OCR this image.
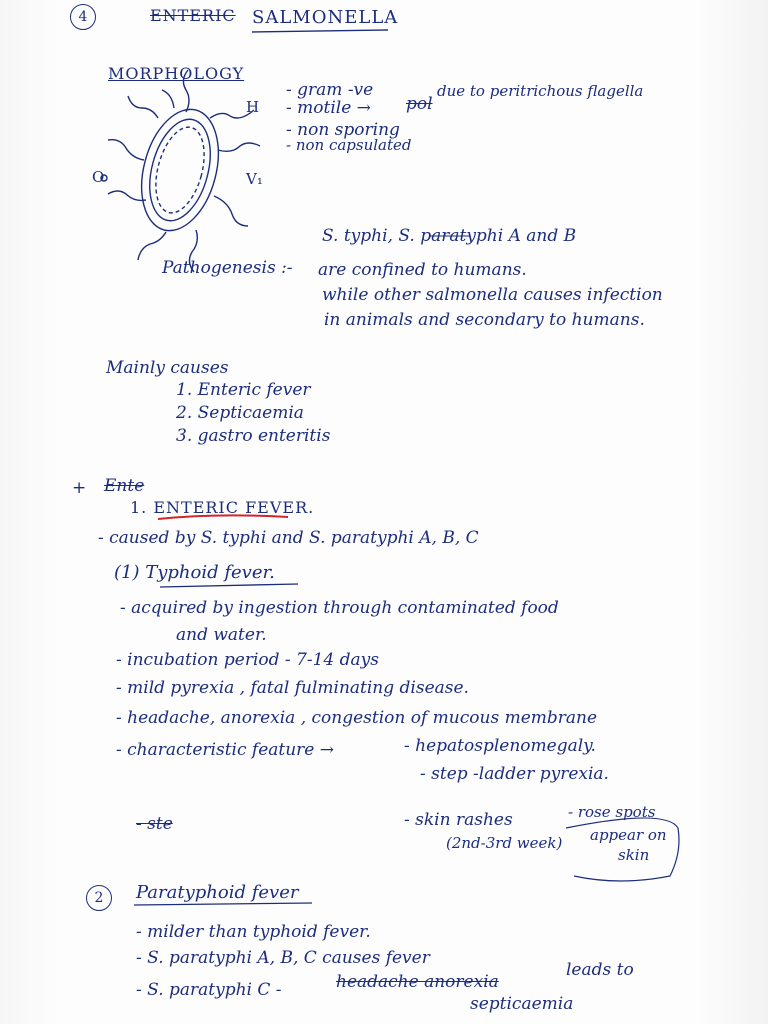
4	ENTERIC SALMONELLA
MORPHOLOGY
- gram -ve
- motile → pol
due to peritrichous flagella
- non sporing
- non capsulated
H
V₁
O
Pathogenesis :-
S. typhi, S. paratyphi A and B
are confined to humans.
while other salmonella causes infection
in animals and secondary to humans.
Mainly causes
1. Enteric fever
2. Septicaemia
3. gastro enteritis
+ Ente
1. ENTERIC FEVER.
- caused by S. typhi and S. paratyphi A, B, C
(1) Typhoid fever.
- acquired by ingestion through contaminated food
and water.
- incubation period - 7-14 days
- mild pyrexia , fatal fulminating disease.
- headache, anorexia , congestion of mucous membrane
- characteristic feature →	- hepatosplenomegaly.
- step -ladder pyrexia.
- ste	- skin rashes	- rose spots
(2nd-3rd week) appear on
skin
2	Paratyphoid fever
- milder than typhoid fever.
- S. paratyphi A, B, C causes fever
- S. paratyphi C -	headache anorexia
leads to
septicaemia
